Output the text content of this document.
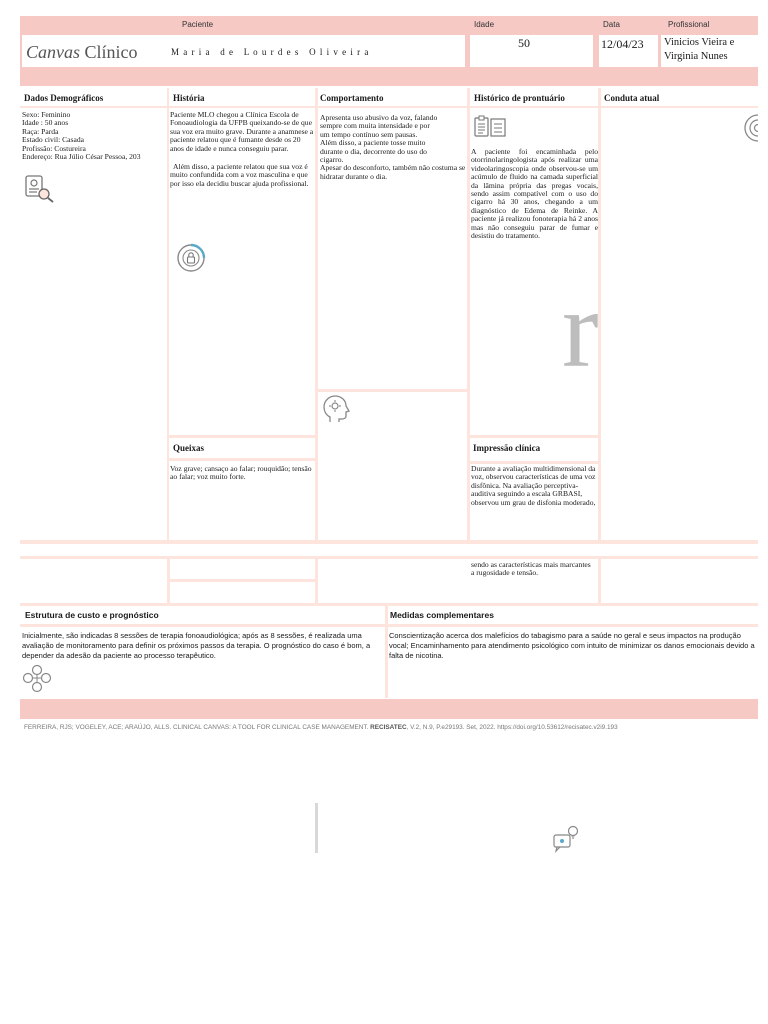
Paciente	Idade	Data	Profissional
Canvas Clínico	M a r i a   d e   L o u r d e s   O l i v e i r a
50	12/04/23 Vinicios Vieira e
Virginia Nunes
Dados Demográficos	História	Comportamento	Histórico de prontuário	Conduta atual
Sexo: Feminino
Idade : 50 anos
Raça: Parda
Estado civil: Casada
Profissão: Costureira
Endereço: Rua Júlio César Pessoa, 203
Paciente MLO chegou a Clínica Escola de Fonoaudiologia da UFPB queixando-se de que sua voz era muito grave. Durante a anamnese a paciente relatou que é fumante desde os 20 anos de idade e nunca conseguiu parar.
Além disso, a paciente relatou que sua voz é muito confundida com a voz masculina e que por isso ela decidiu buscar ajuda profissional.
Apresenta uso abusivo da voz, falando sempre com muita intensidade e por um tempo contínuo sem pausas.
Além disso, a paciente tosse muito durante o dia, decorrente do uso do cigarro.
Apesar do desconforto, também não costuma se hidratar durante o dia.
A paciente foi encaminhada pelo otorrinolaringologista após realizar uma videolaringoscopia onde observou-se um acúmulo de fluido na camada superficial da lâmina própria das pregas vocais, sendo assim compatível com o uso do cigarro há 30 anos, chegando a um diagnóstico de Edema de Reinke. A paciente já realizou fonoterapia há 2 anos mas não conseguiu parar de fumar e desistiu do tratamento.
r
Queixas
Voz grave; cansaço ao falar; rouquidão; tensão ao falar; voz muito forte.
Impressão clínica
Durante a avaliação multidimensional da voz, observou características de uma voz disfônica. Na avaliação perceptiva-auditiva seguindo a escala GRBASI, observou um grau de disfonia moderado,
sendo as características mais marcantes a rugosidade e tensão.
Estrutura de custo e prognóstico	Medidas complementares
Inicialmente, são indicadas 8 sessões de terapia fonoaudiológica; após as 8 sessões, é realizada uma avaliação de monitoramento para definir os próximos passos da terapia. O prognóstico do caso é bom, a depender da adesão da paciente ao processo terapêutico.
Conscientização acerca dos malefícios do tabagismo para a saúde no geral e seus impactos na produção vocal; Encaminhamento para atendimento psicológico com intuito de minimizar os danos emocionais devido a falta de nicotina.
FERREIRA, RJS; VOGELEY, ACE; ARAÚJO, ALLS. CLINICAL CANVAS: A TOOL FOR CLINICAL CASE MANAGEMENT. RECISATEC, V.2, N.9, P.e29193. Set, 2022. https://doi.org/10.53612/recisatec.v2i9.193
